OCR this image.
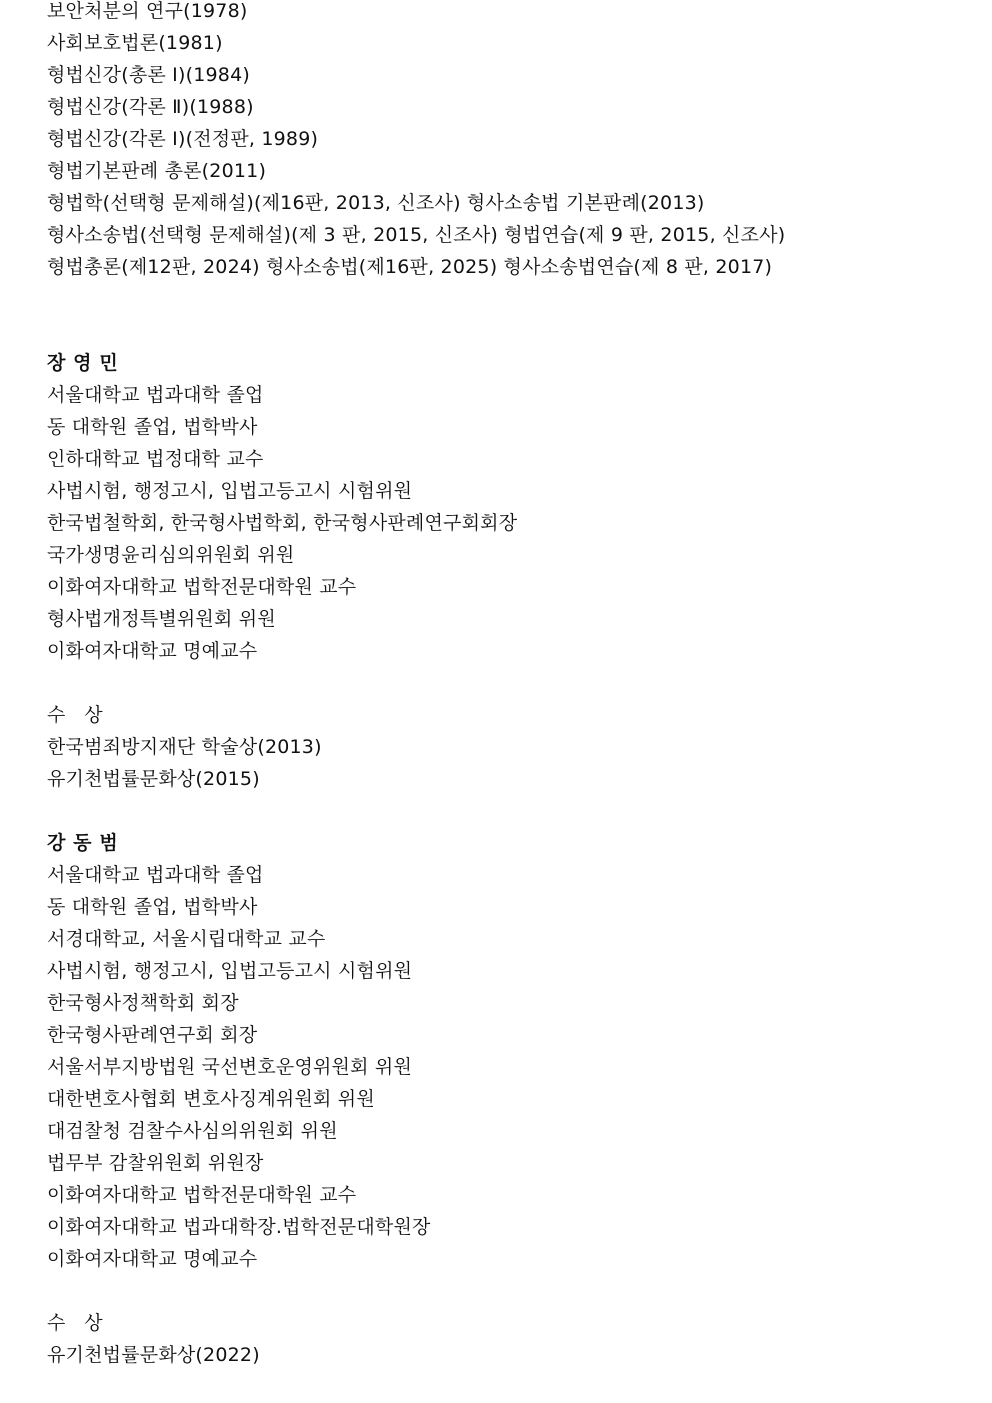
보안처분의 연구(1978)
사회보호법론(1981)
형법신강(총론 Ⅰ)(1984)
형법신강(각론 Ⅱ)(1988)
형법신강(각론 Ⅰ)(전정판, 1989)
형법기본판례 총론(2011)
형법학(선택형 문제해설)(제16판, 2013, 신조사) 형사소송법 기본판례(2013)
형사소송법(선택형 문제해설)(제 3 판, 2015, 신조사) 형법연습(제 9 판, 2015, 신조사)
형법총론(제12판, 2024) 형사소송법(제16판, 2025) 형사소송법연습(제 8 판, 2017)
장 영 민
서울대학교 법과대학 졸업
동 대학원 졸업, 법학박사
인하대학교 법정대학 교수
사법시험, 행정고시, 입법고등고시 시험위원
한국법철학회, 한국형사법학회, 한국형사판례연구회회장
국가생명윤리심의위원회 위원
이화여자대학교 법학전문대학원 교수
형사법개정특별위원회 위원
이화여자대학교 명예교수
수   상
한국범죄방지재단 학술상(2013)
유기천법률문화상(2015)
강 동 범
서울대학교 법과대학 졸업
동 대학원 졸업, 법학박사
서경대학교, 서울시립대학교 교수
사법시험, 행정고시, 입법고등고시 시험위원
한국형사정책학회 회장
한국형사판례연구회 회장
서울서부지방법원 국선변호운영위원회 위원
대한변호사협회 변호사징계위원회 위원
대검찰청 검찰수사심의위원회 위원
법무부 감찰위원회 위원장
이화여자대학교 법학전문대학원 교수
이화여자대학교 법과대학장.법학전문대학원장
이화여자대학교 명예교수
수   상
유기천법률문화상(2022)
